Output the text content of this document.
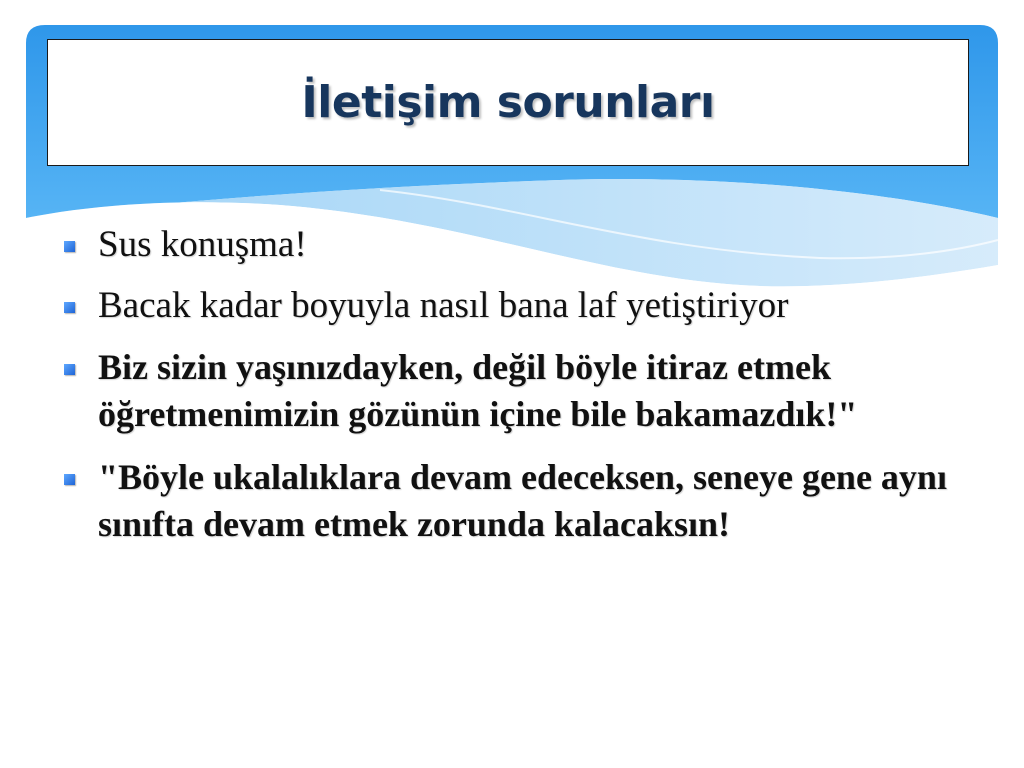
İletişim sorunları
Sus konuşma!
Bacak kadar boyuyla nasıl bana laf yetiştiriyor
Biz sizin yaşınızdayken, değil böyle itiraz etmek öğretmenimizin gözünün içine bile bakamazdık!"
"Böyle ukalalıklara devam edeceksen, seneye gene aynı sınıfta devam etmek zorunda kalacaksın!
